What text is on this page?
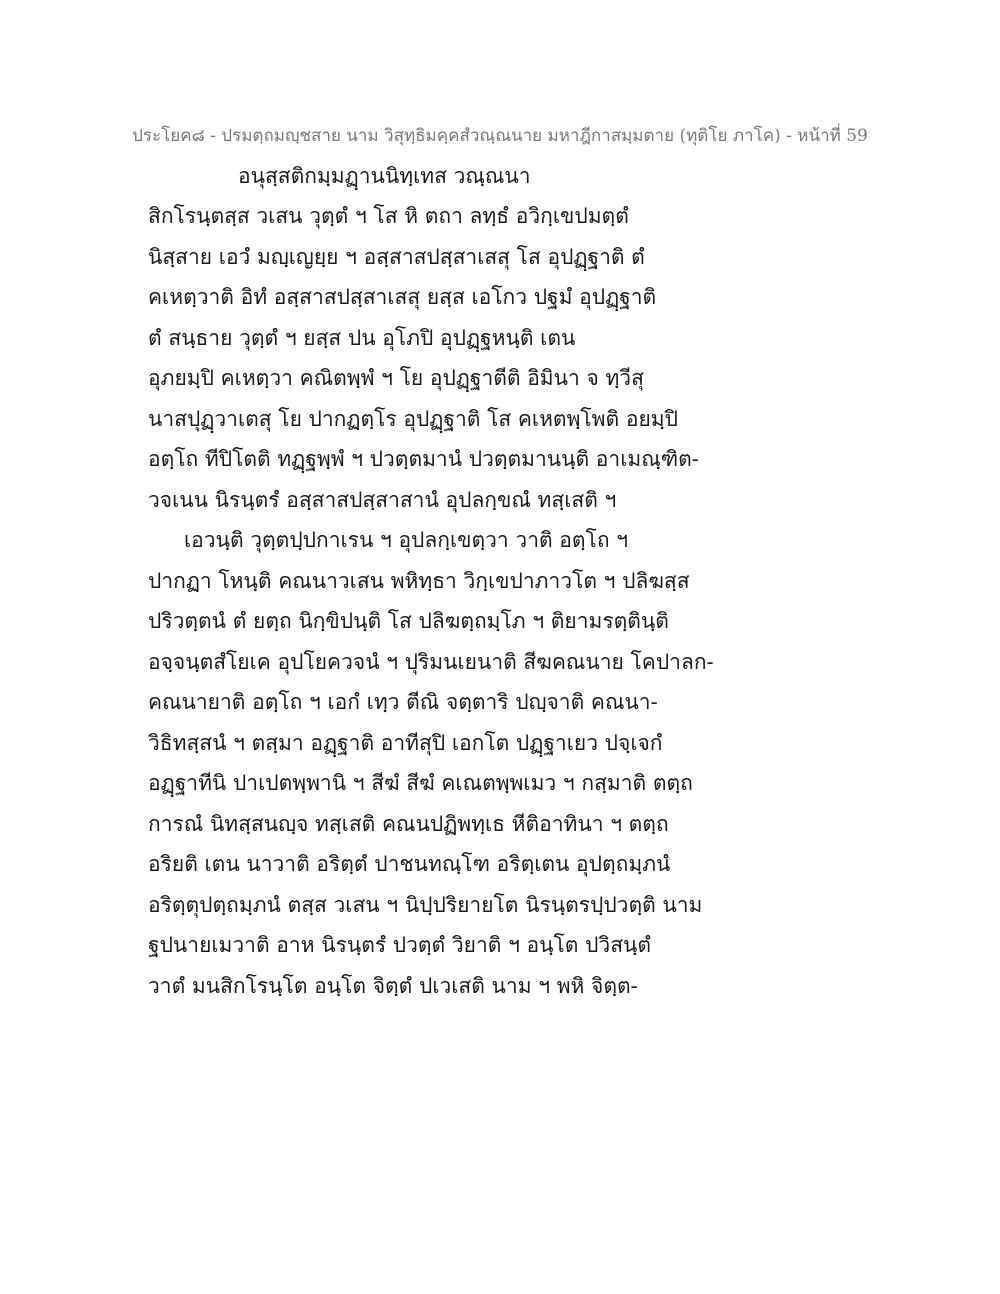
ประโยค๘ - ปรมตฺถมญฺชสาย นาม วิสุทฺธิมคฺคสํวณฺณนาย มหาฎีกาสมฺมตาย (ทุติโย ภาโค) - หน้าที่ 59
อนุสฺสติกมฺมฏฺานนิทฺเทส วณฺณนา
สิกโรนฺตสฺส วเสน วุตฺตํ ฯ โส หิ ตถา ลทฺธํ อวิกฺเขปมตฺตํ
นิสฺสาย เอวํ มญฺเญยฺย ฯ อสฺสาสปสฺสาเสสุ โส อุปฏฺฐาติ ตํ
คเหตฺวาติ อิทํ อสฺสาสปสฺสาเสสุ ยสฺส เอโกว ปฐมํ อุปฏฺฐาติ
ตํ สนฺธาย วุตฺตํ ฯ ยสฺส ปน อุโภปิ อุปฏฺฐหนฺติ เตน
อุภยมฺปิ คเหตฺวา คณิตพฺพํ ฯ โย อุปฏฺฐาตีติ อิมินา จ ทฺวีสุ
นาสปุฏฺวาเตสุ โย ปากฏตฺโร อุปฏฺฐาติ โส คเหตพฺโพติ อยมฺปิ
อตฺโถ ทีปิโตติ ทฏฺฐพฺพํ ฯ ปวตฺตมานํ ปวตฺตมานนฺติ อาเมณฺฑิต-
วจเนน นิรนฺตรํ อสฺสาสปสฺสาสานํ อุปลกฺขณํ ทสฺเสติ ฯ
เอวนฺติ วุตฺตปฺปกาเรน ฯ อุปลกฺเขตฺวา วาติ อตฺโถ ฯ
ปากฏา โหนฺติ คณนาวเสน พหิทฺธา วิกฺเขปาภาวโต ฯ ปลิฆสฺส
ปริวตฺตนํ ตํ ยตฺถ นิกฺขิปนฺติ โส ปลิฆตฺถมฺโภ ฯ ติยามรตฺตินฺติ
อจฺจนฺตสํโยเค อุปโยควจนํ ฯ ปุริมนเยนาติ สีฆคณนาย โคปาลก-
คณนายาติ อตฺโถ ฯ เอกํ เทฺว ตีณิ จตฺตาริ ปญฺจาติ คณนา-
วิธิทสฺสนํ ฯ ตสฺมา อฏฺฐาติ อาทีสุปิ เอกโต ปฏฺฐาเยว ปจฺเจกํ
อฏฺฐาทีนิ ปาเปตพฺพานิ ฯ สีฆํ สีฆํ คเณตพฺพเมว ฯ กสฺมาติ ตตฺถ
การณํ นิทสฺสนญฺจ ทสฺเสติ คณนปฏิพทฺเธ หีติอาทินา ฯ ตตฺถ
อริยติ เตน นาวาติ อริตฺตํ ปาชนทณฺโฑ อริตฺเตน อุปตฺถมฺภนํ
อริตฺตุปตฺถมฺภนํ ตสฺส วเสน ฯ นิปฺปริยายโต นิรนฺตรปฺปวตฺติ นาม
ฐปนายเมวาติ อาห นิรนฺตรํ ปวตฺตํ วิยาติ ฯ อนฺโต ปวิสนฺตํ
วาตํ มนสิกโรนฺโต อนฺโต จิตฺตํ ปเวเสติ นาม ฯ พหิ จิตฺต-
